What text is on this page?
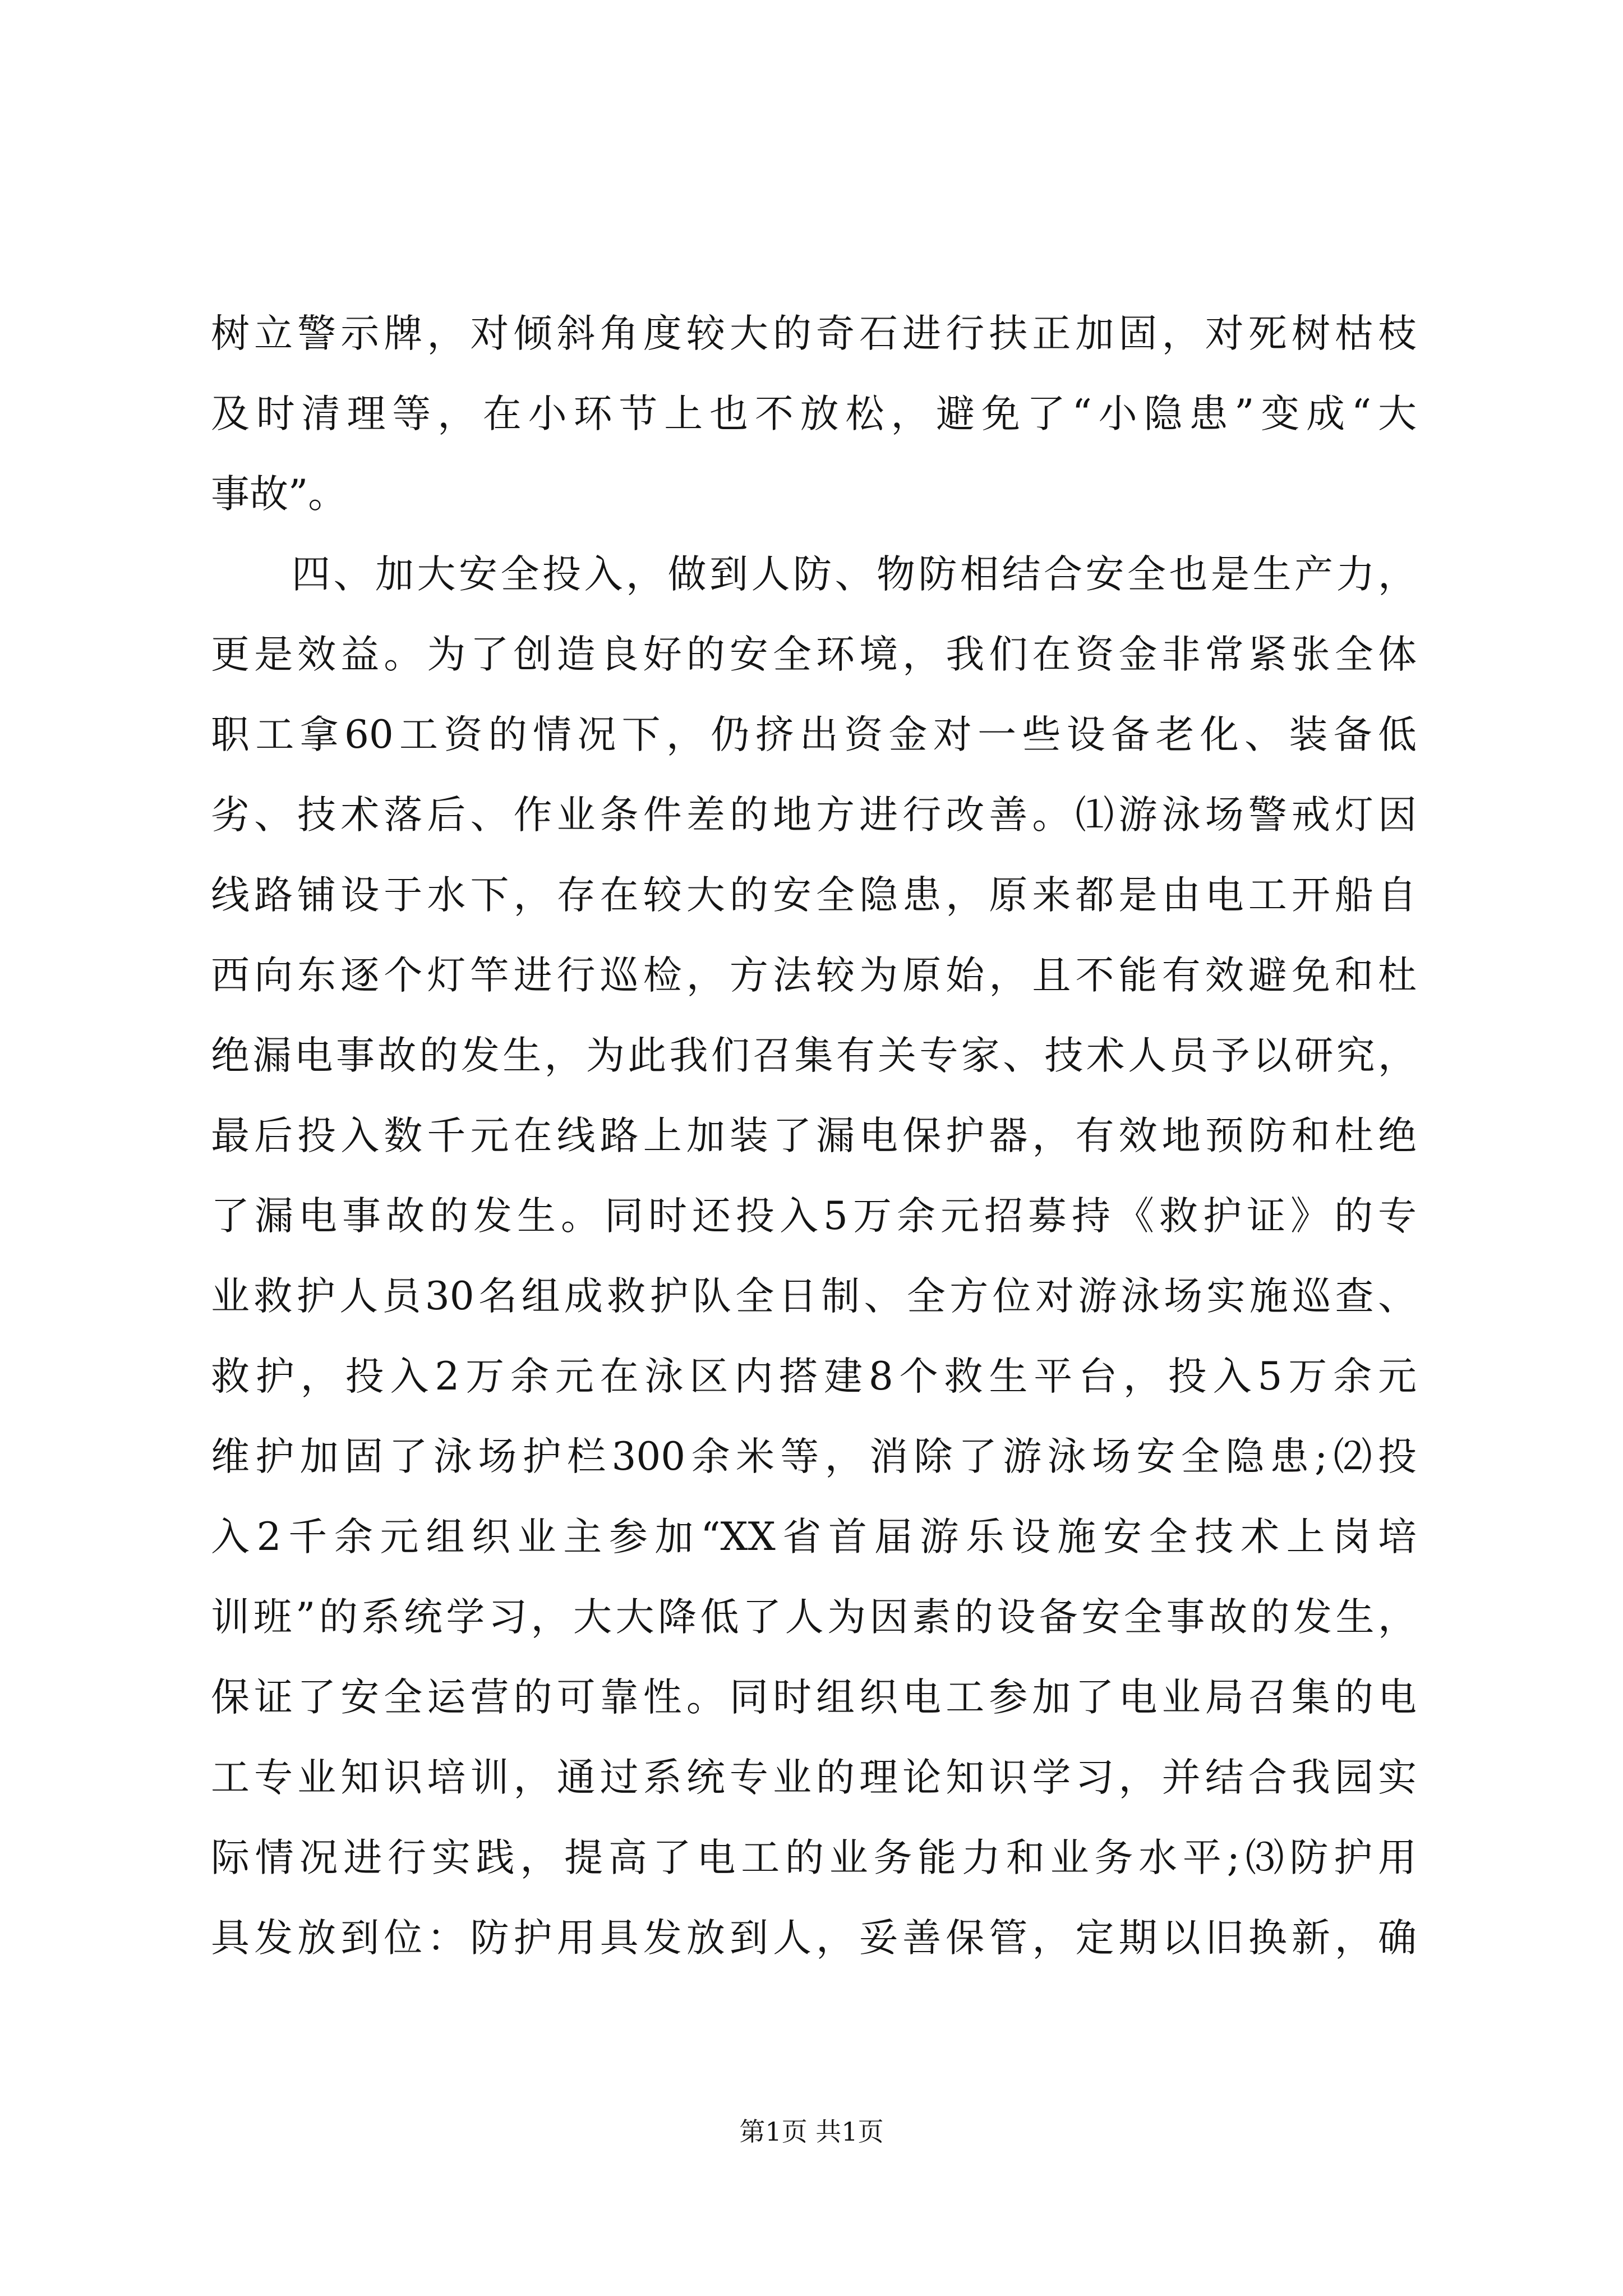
树立警示牌，对倾斜角度较大的奇石进行扶正加固，对死树枯枝
及时清理等，在小环节上也不放松，避免了“小隐患”变成“大
事故”。
四、加大安全投入，做到人防、物防相结合安全也是生产力，
更是效益。为了创造良好的安全环境，我们在资金非常紧张全体
职工拿60工资的情况下，仍挤出资金对一些设备老化、装备低
劣、技术落后、作业条件差的地方进行改善。⑴游泳场警戒灯因
线路铺设于水下，存在较大的安全隐患，原来都是由电工开船自
西向东逐个灯竿进行巡检，方法较为原始，且不能有效避免和杜
绝漏电事故的发生，为此我们召集有关专家、技术人员予以研究，
最后投入数千元在线路上加装了漏电保护器，有效地预防和杜绝
了漏电事故的发生。同时还投入5万余元招募持《救护证》的专
业救护人员30名组成救护队全日制、全方位对游泳场实施巡查、
救护，投入2万余元在泳区内搭建8个救生平台，投入5万余元
维护加固了泳场护栏300余米等，消除了游泳场安全隐患;⑵投
入2千余元组织业主参加“XX省首届游乐设施安全技术上岗培
训班”的系统学习，大大降低了人为因素的设备安全事故的发生，
保证了安全运营的可靠性。同时组织电工参加了电业局召集的电
工专业知识培训，通过系统专业的理论知识学习，并结合我园实
际情况进行实践，提高了电工的业务能力和业务水平;⑶防护用
具发放到位：防护用具发放到人，妥善保管，定期以旧换新，确
第1页 共1页
